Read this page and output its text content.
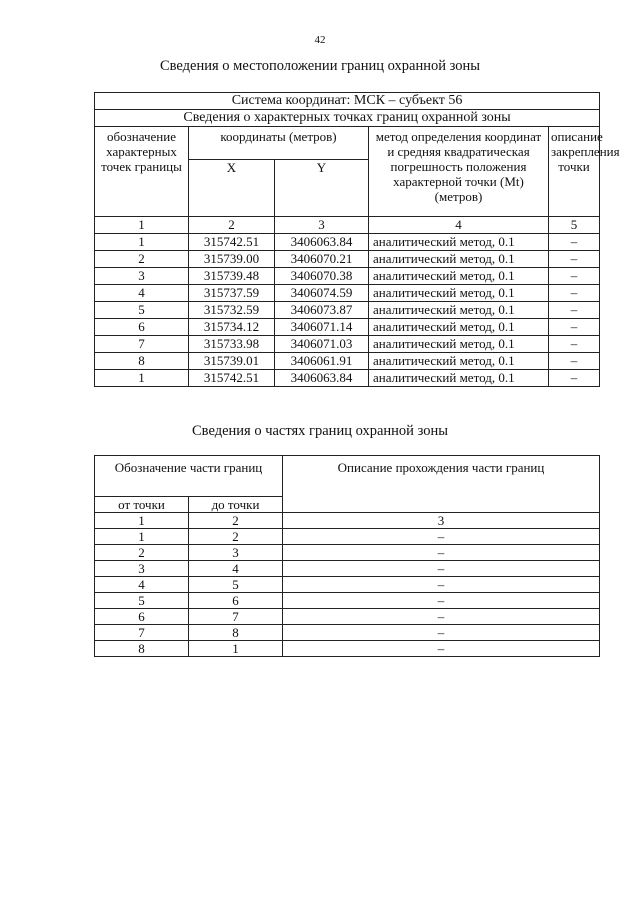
42
Сведения о местоположении границ охранной зоны
Система координат: МСК – субъект 56				
Сведения о характерных точках границ охранной зоны				
обозначение характерных точек границы	координаты (метров)		метод определения координат и средняя квадратическая погрешность положения характерной точки (Mt) (метров)	описание закрепления точки
	X	Y		
1	2	3	4	5
1	315742.51	3406063.84	аналитический метод, 0.1	–
2	315739.00	3406070.21	аналитический метод, 0.1	–
3	315739.48	3406070.38	аналитический метод, 0.1	–
4	315737.59	3406074.59	аналитический метод, 0.1	–
5	315732.59	3406073.87	аналитический метод, 0.1	–
6	315734.12	3406071.14	аналитический метод, 0.1	–
7	315733.98	3406071.03	аналитический метод, 0.1	–
8	315739.01	3406061.91	аналитический метод, 0.1	–
1	315742.51	3406063.84	аналитический метод, 0.1	–
Сведения о частях границ охранной зоны
Обозначение части границ		Описание прохождения части границ
от точки	до точки	
1	2	3
1	2	–
2	3	–
3	4	–
4	5	–
5	6	–
6	7	–
7	8	–
8	1	–
